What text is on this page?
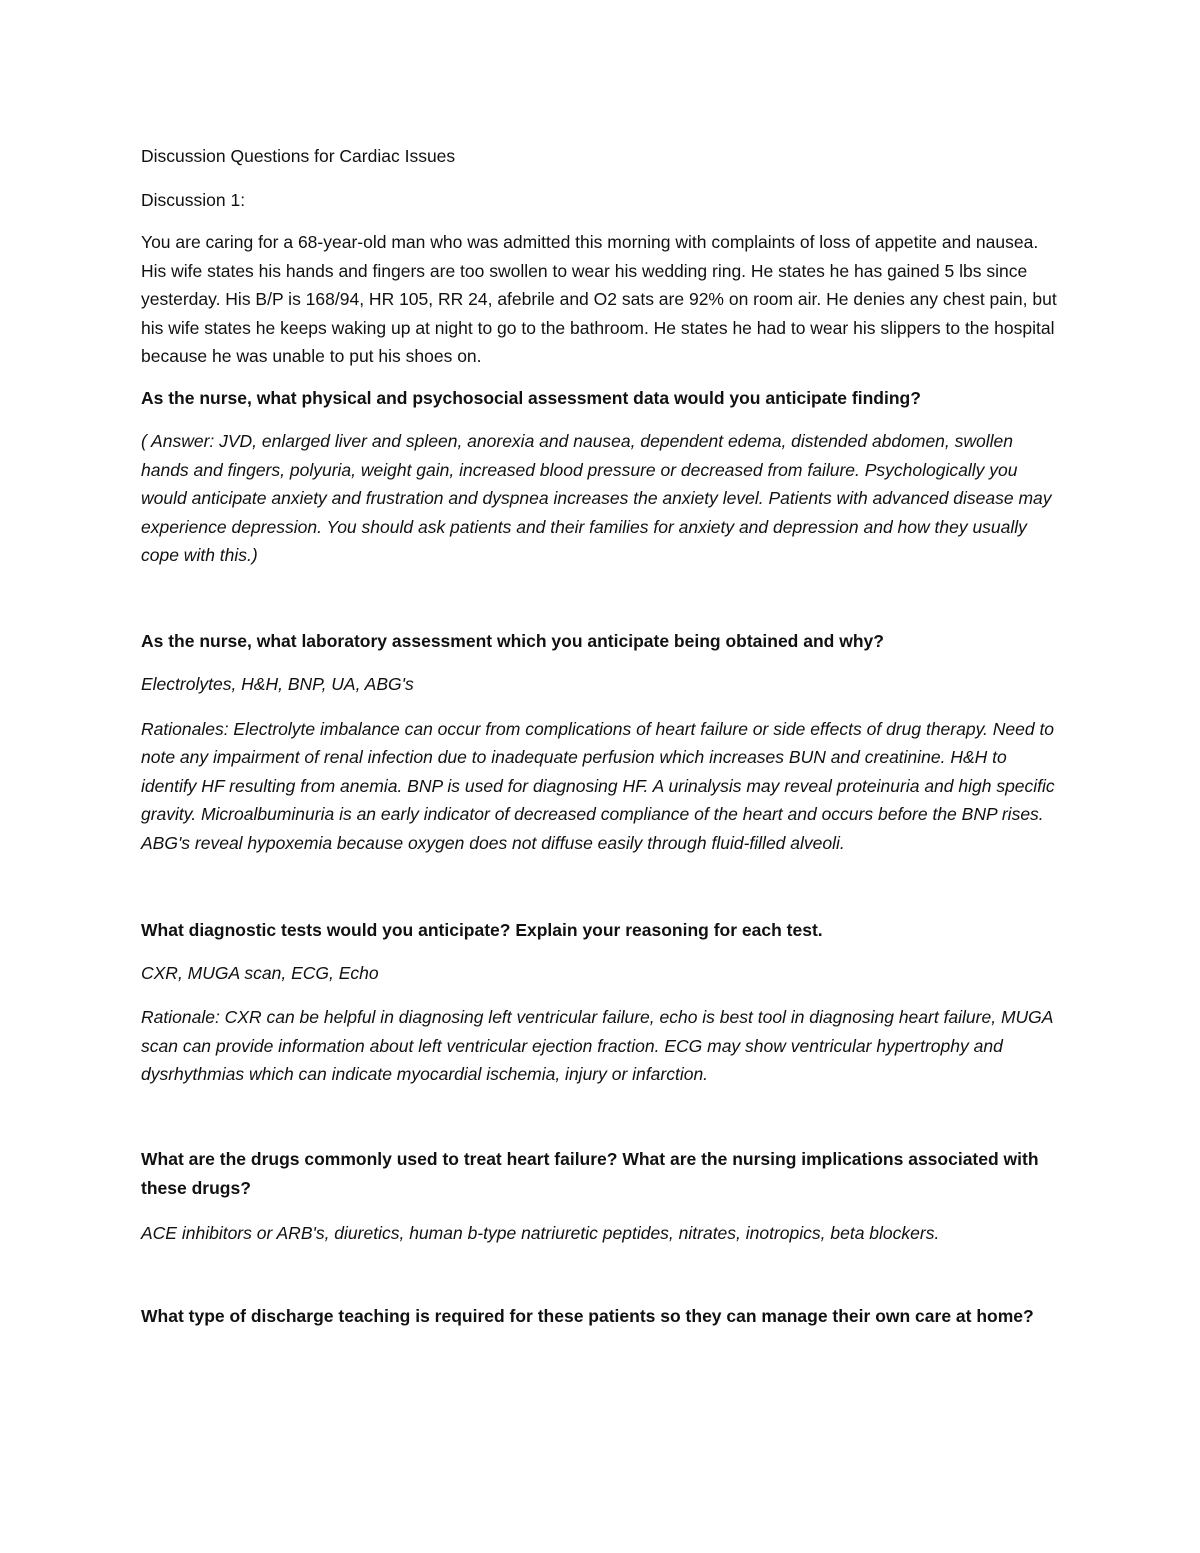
Discussion Questions for Cardiac Issues

Discussion 1:

You are caring for a 68-year-old man who was admitted this morning with complaints of loss of appetite and nausea. His wife states his hands and fingers are too swollen to wear his wedding ring. He states he has gained 5 lbs since yesterday. His B/P is 168/94, HR 105, RR 24, afebrile and O2 sats are 92% on room air. He denies any chest pain, but his wife states he keeps waking up at night to go to the bathroom. He states he had to wear his slippers to the hospital because he was unable to put his shoes on.

As the nurse, what physical and psychosocial assessment data would you anticipate finding?

( Answer: JVD, enlarged liver and spleen, anorexia and nausea, dependent edema, distended abdomen, swollen hands and fingers, polyuria, weight gain, increased blood pressure or decreased from failure. Psychologically you would anticipate anxiety and frustration and dyspnea increases the anxiety level. Patients with advanced disease may experience depression. You should ask patients and their families for anxiety and depression and how they usually cope with this.)

As the nurse, what laboratory assessment which you anticipate being obtained and why?

Electrolytes, H&H, BNP, UA, ABG's

Rationales: Electrolyte imbalance can occur from complications of heart failure or side effects of drug therapy. Need to note any impairment of renal infection due to inadequate perfusion which increases BUN and creatinine. H&H to identify HF resulting from anemia. BNP is used for diagnosing HF. A urinalysis may reveal proteinuria and high specific gravity. Microalbuminuria is an early indicator of decreased compliance of the heart and occurs before the BNP rises. ABG's reveal hypoxemia because oxygen does not diffuse easily through fluid-filled alveoli.

What diagnostic tests would you anticipate? Explain your reasoning for each test.

CXR, MUGA scan, ECG, Echo

Rationale: CXR can be helpful in diagnosing left ventricular failure, echo is best tool in diagnosing heart failure, MUGA scan can provide information about left ventricular ejection fraction. ECG may show ventricular hypertrophy and dysrhythmias which can indicate myocardial ischemia, injury or infarction.

What are the drugs commonly used to treat heart failure? What are the nursing implications associated with these drugs?

ACE inhibitors or ARB's, diuretics, human b-type natriuretic peptides, nitrates, inotropics, beta blockers.

What type of discharge teaching is required for these patients so they can manage their own care at home?
